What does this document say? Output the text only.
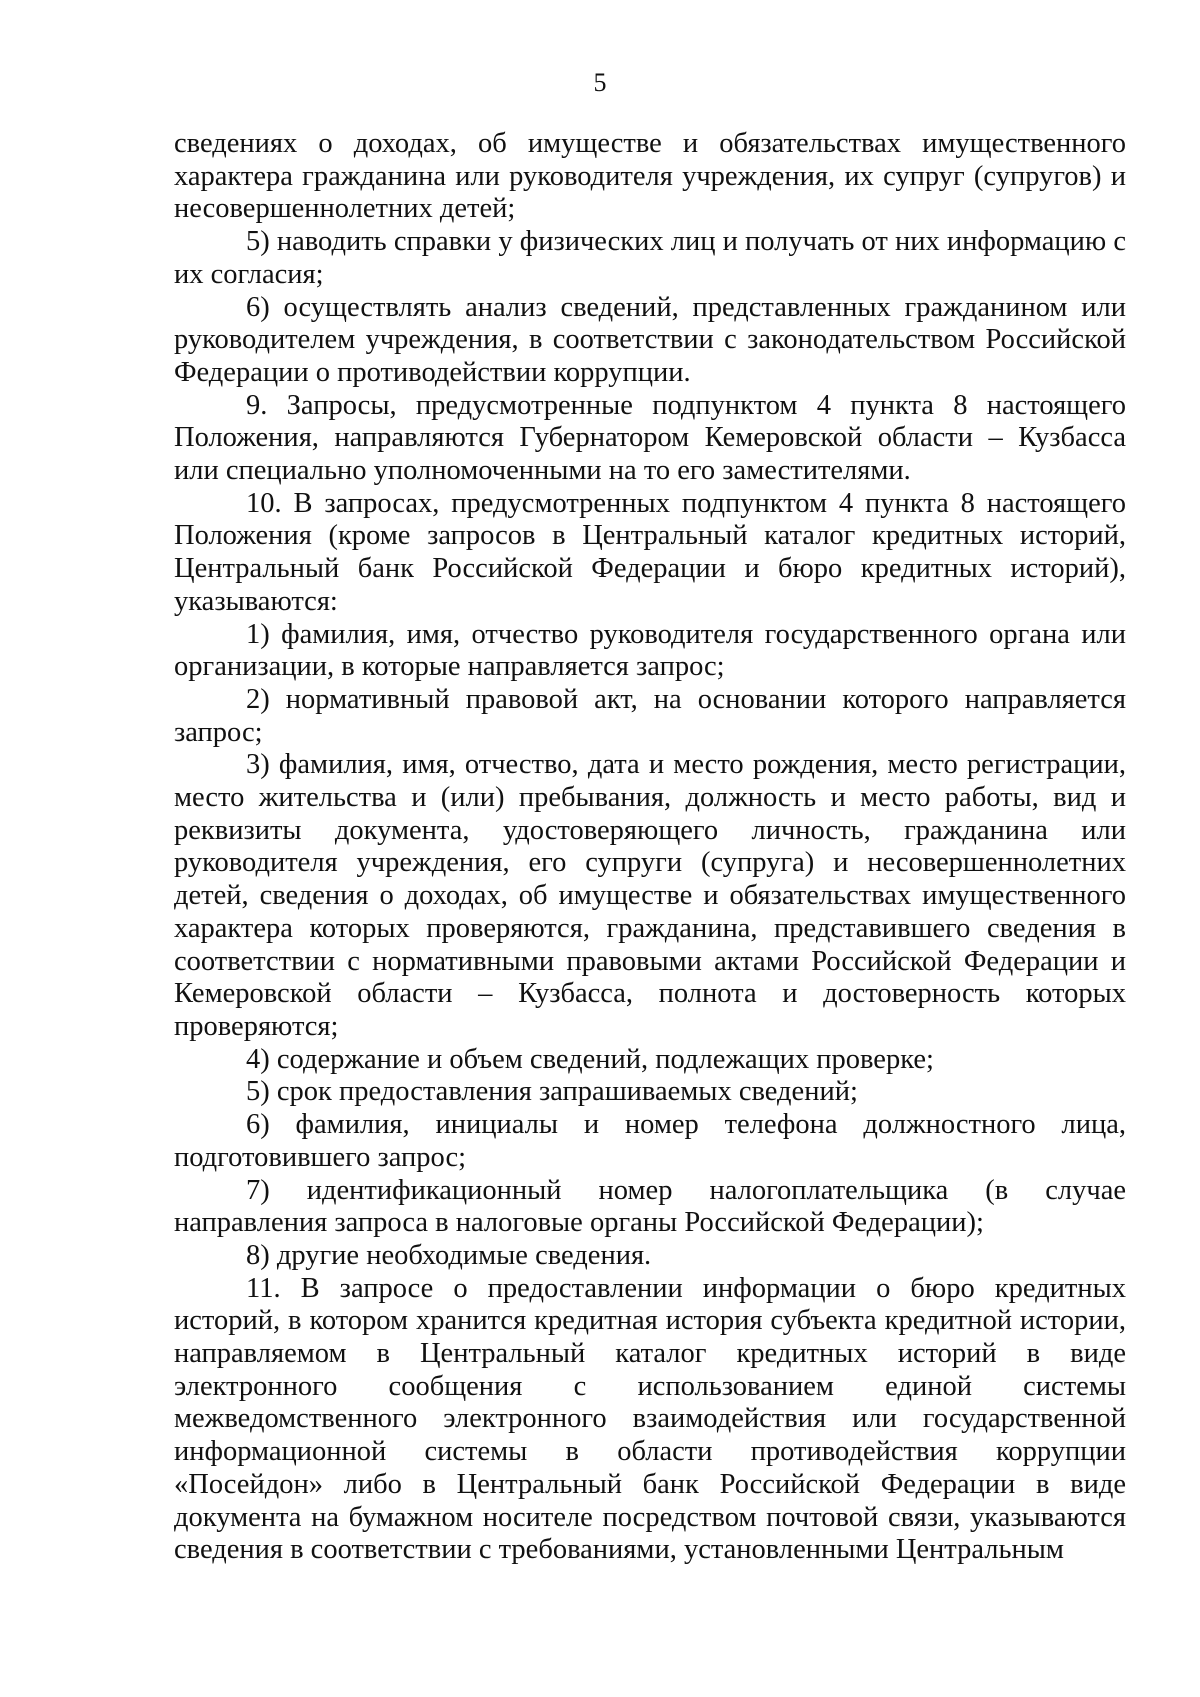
5

сведениях о доходах, об имуществе и обязательствах имущественного характера гражданина или руководителя учреждения, их супруг (супругов) и несовершеннолетних детей;

5) наводить справки у физических лиц и получать от них информацию с их согласия;

6) осуществлять анализ сведений, представленных гражданином или руководителем учреждения, в соответствии с законодательством Российской Федерации о противодействии коррупции.

9. Запросы, предусмотренные подпунктом 4 пункта 8 настоящего Положения, направляются Губернатором Кемеровской области – Кузбасса или специально уполномоченными на то его заместителями.

10. В запросах, предусмотренных подпунктом 4 пункта 8 настоящего Положения (кроме запросов в Центральный каталог кредитных историй, Центральный банк Российской Федерации и бюро кредитных историй), указываются:

1) фамилия, имя, отчество руководителя государственного органа или организации, в которые направляется запрос;

2) нормативный правовой акт, на основании которого направляется запрос;

3) фамилия, имя, отчество, дата и место рождения, место регистрации, место жительства и (или) пребывания, должность и место работы, вид и реквизиты документа, удостоверяющего личность, гражданина или руководителя учреждения, его супруги (супруга) и несовершеннолетних детей, сведения о доходах, об имуществе и обязательствах имущественного характера которых проверяются, гражданина, представившего сведения в соответствии с нормативными правовыми актами Российской Федерации и Кемеровской области – Кузбасса, полнота и достоверность которых проверяются;

4) содержание и объем сведений, подлежащих проверке;

5) срок предоставления запрашиваемых сведений;

6) фамилия, инициалы и номер телефона должностного лица, подготовившего запрос;

7) идентификационный номер налогоплательщика (в случае направления запроса в налоговые органы Российской Федерации);

8) другие необходимые сведения.

11. В запросе о предоставлении информации о бюро кредитных историй, в котором хранится кредитная история субъекта кредитной истории, направляемом в Центральный каталог кредитных историй в виде электронного сообщения с использованием единой системы межведомственного электронного взаимодействия или государственной информационной системы в области противодействия коррупции «Посейдон» либо в Центральный банк Российской Федерации в виде документа на бумажном носителе посредством почтовой связи, указываются сведения в соответствии с требованиями, установленными Центральным
